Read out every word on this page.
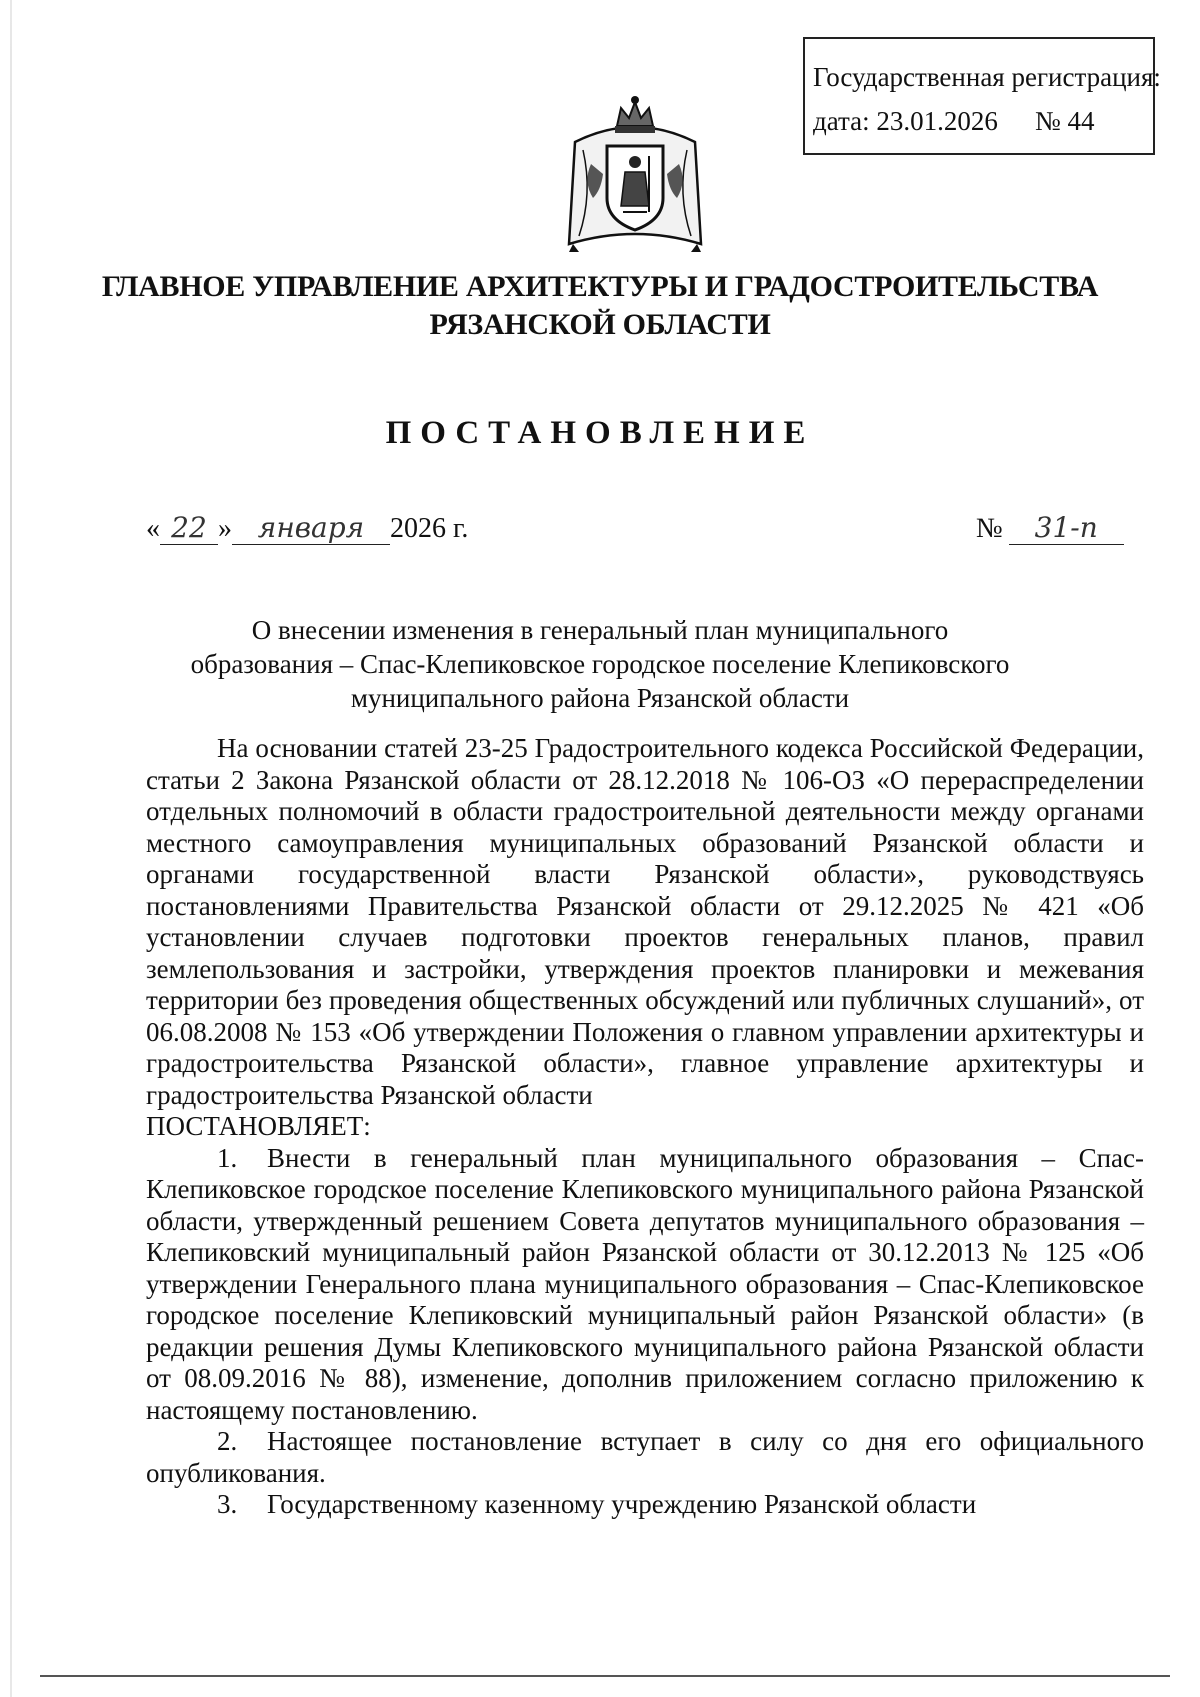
Государственная регистрация:
дата: 23.01.2026 № 44
ГЛАВНОЕ УПРАВЛЕНИЕ АРХИТЕКТУРЫ И ГРАДОСТРОИТЕЛЬСТВА
РЯЗАНСКОЙ ОБЛАСТИ
ПОСТАНОВЛЕНИЕ
« 22 » января 2026 г.	№ 31-п
О внесении изменения в генеральный план муниципального
образования – Спас-Клепиковское городское поселение Клепиковского
муниципального района Рязанской области

На основании статей 23-25 Градостроительного кодекса Российской Федерации, статьи 2 Закона Рязанской области от 28.12.2018 № 106-ОЗ «О перераспределении отдельных полномочий в области градостроительной деятельности между органами местного самоуправления муниципальных образований Рязанской области и органами государственной власти Рязанской области», руководствуясь постановлениями Правительства Рязанской области от 29.12.2025 № 421 «Об установлении случаев подготовки проектов генеральных планов, правил землепользования и застройки, утверждения проектов планировки и межевания территории без проведения общественных обсуждений или публичных слушаний», от 06.08.2008 № 153 «Об утверждении Положения о главном управлении архитектуры и градостроительства Рязанской области», главное управление архитектуры и градостроительства Рязанской области

ПОСТАНОВЛЯЕТ:

1. Внести в генеральный план муниципального образования – Спас-Клепиковское городское поселение Клепиковского муниципального района Рязанской области, утвержденный решением Совета депутатов муниципального образования – Клепиковский муниципальный район Рязанской области от 30.12.2013 № 125 «Об утверждении Генерального плана муниципального образования – Спас-Клепиковское городское поселение Клепиковский муниципальный район Рязанской области» (в редакции решения Думы Клепиковского муниципального района Рязанской области от 08.09.2016 № 88), изменение, дополнив приложением согласно приложению к настоящему постановлению.

2. Настоящее постановление вступает в силу со дня его официального опубликования.

3. Государственному казенному учреждению Рязанской области
